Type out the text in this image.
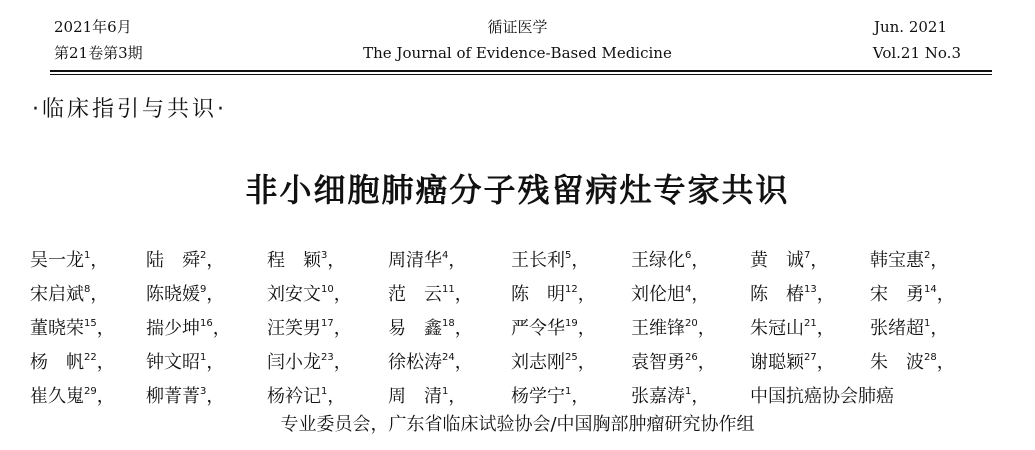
2021年6月
第21卷第3期
循证医学
The Journal of Evidence-Based Medicine
Jun. 2021
Vol.21 No.3
·临床指引与共识·
非小细胞肺癌分子残留病灶专家共识
吴一龙$^1$， 陆　舜$^2$， 程　颖$^3$， 周清华$^4$， 王长利$^5$， 王绿化$^6$， 黄　诚$^7$， 韩宝惠$^2$，
宋启斌$^8$， 陈晓媛$^9$， 刘安文$^{10}$， 范　云$^{11}$， 陈　明$^{12}$， 刘伦旭$^4$， 陈　椿$^{13}$， 宋　勇$^{14}$，
董晓荣$^{15}$， 揣少坤$^{16}$， 汪笑男$^{17}$， 易　鑫$^{18}$， 严令华$^{19}$， 王维锋$^{20}$， 朱冠山$^{21}$， 张绪超$^1$，
杨　帆$^{22}$， 钟文昭$^1$， 闫小龙$^{23}$， 徐松涛$^{24}$， 刘志刚$^{25}$， 袁智勇$^{26}$， 谢聪颖$^{27}$， 朱　波$^{28}$，
崔久嵬$^{29}$， 柳菁菁$^3$， 杨衿记$^1$， 周　清$^1$， 杨学宁$^1$， 张嘉涛$^1$， 中国抗癌协会肺癌
专业委员会，广东省临床试验协会/中国胸部肿瘤研究协作组
